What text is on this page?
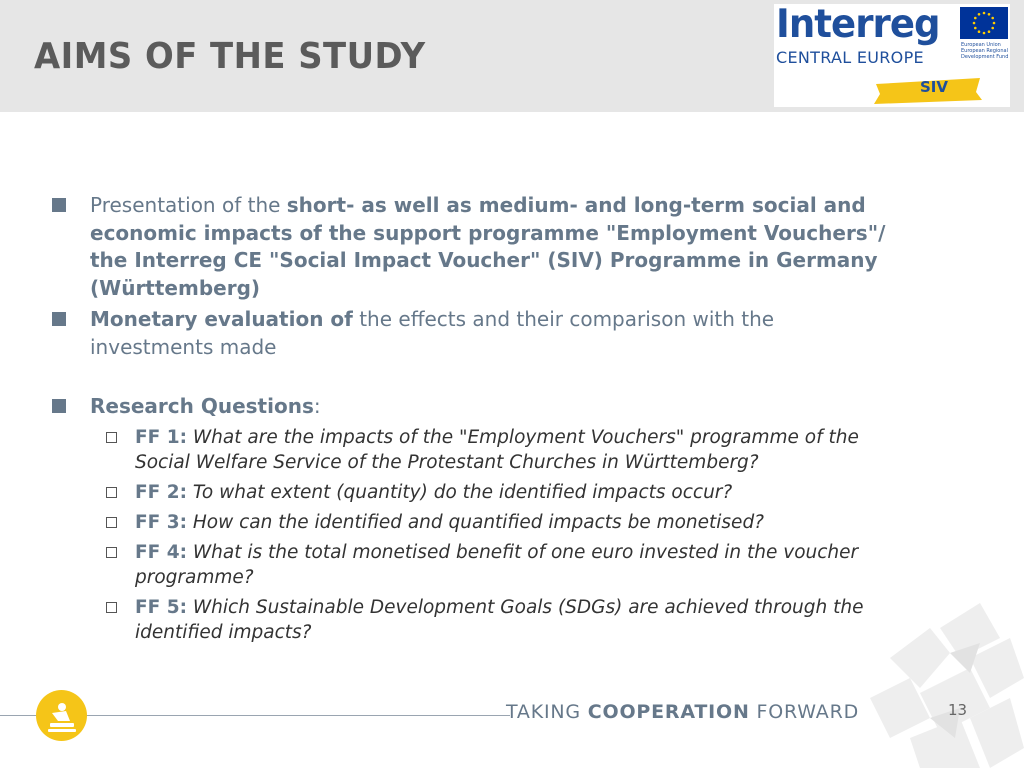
AIMS OF THE STUDY
Interreg
CENTRAL EUROPE
European Union
European Regional
Development Fund
SIV
Presentation of the short- as well as medium- and long-term social and economic impacts of the support programme "Employment Vouchers"/ the Interreg CE "Social Impact Voucher" (SIV) Programme in Germany (Württemberg)
Monetary evaluation of the effects and their comparison with the investments made
Research Questions:
FF 1: What are the impacts of the "Employment Vouchers" programme of the Social Welfare Service of the Protestant Churches in Württemberg?
FF 2: To what extent (quantity) do the identified impacts occur?
FF 3: How can the identified and quantified impacts be monetised?
FF 4: What is the total monetised benefit of one euro invested in the voucher programme?
FF 5: Which Sustainable Development Goals (SDGs) are achieved through the identified impacts?
TAKING COOPERATION FORWARD	13
